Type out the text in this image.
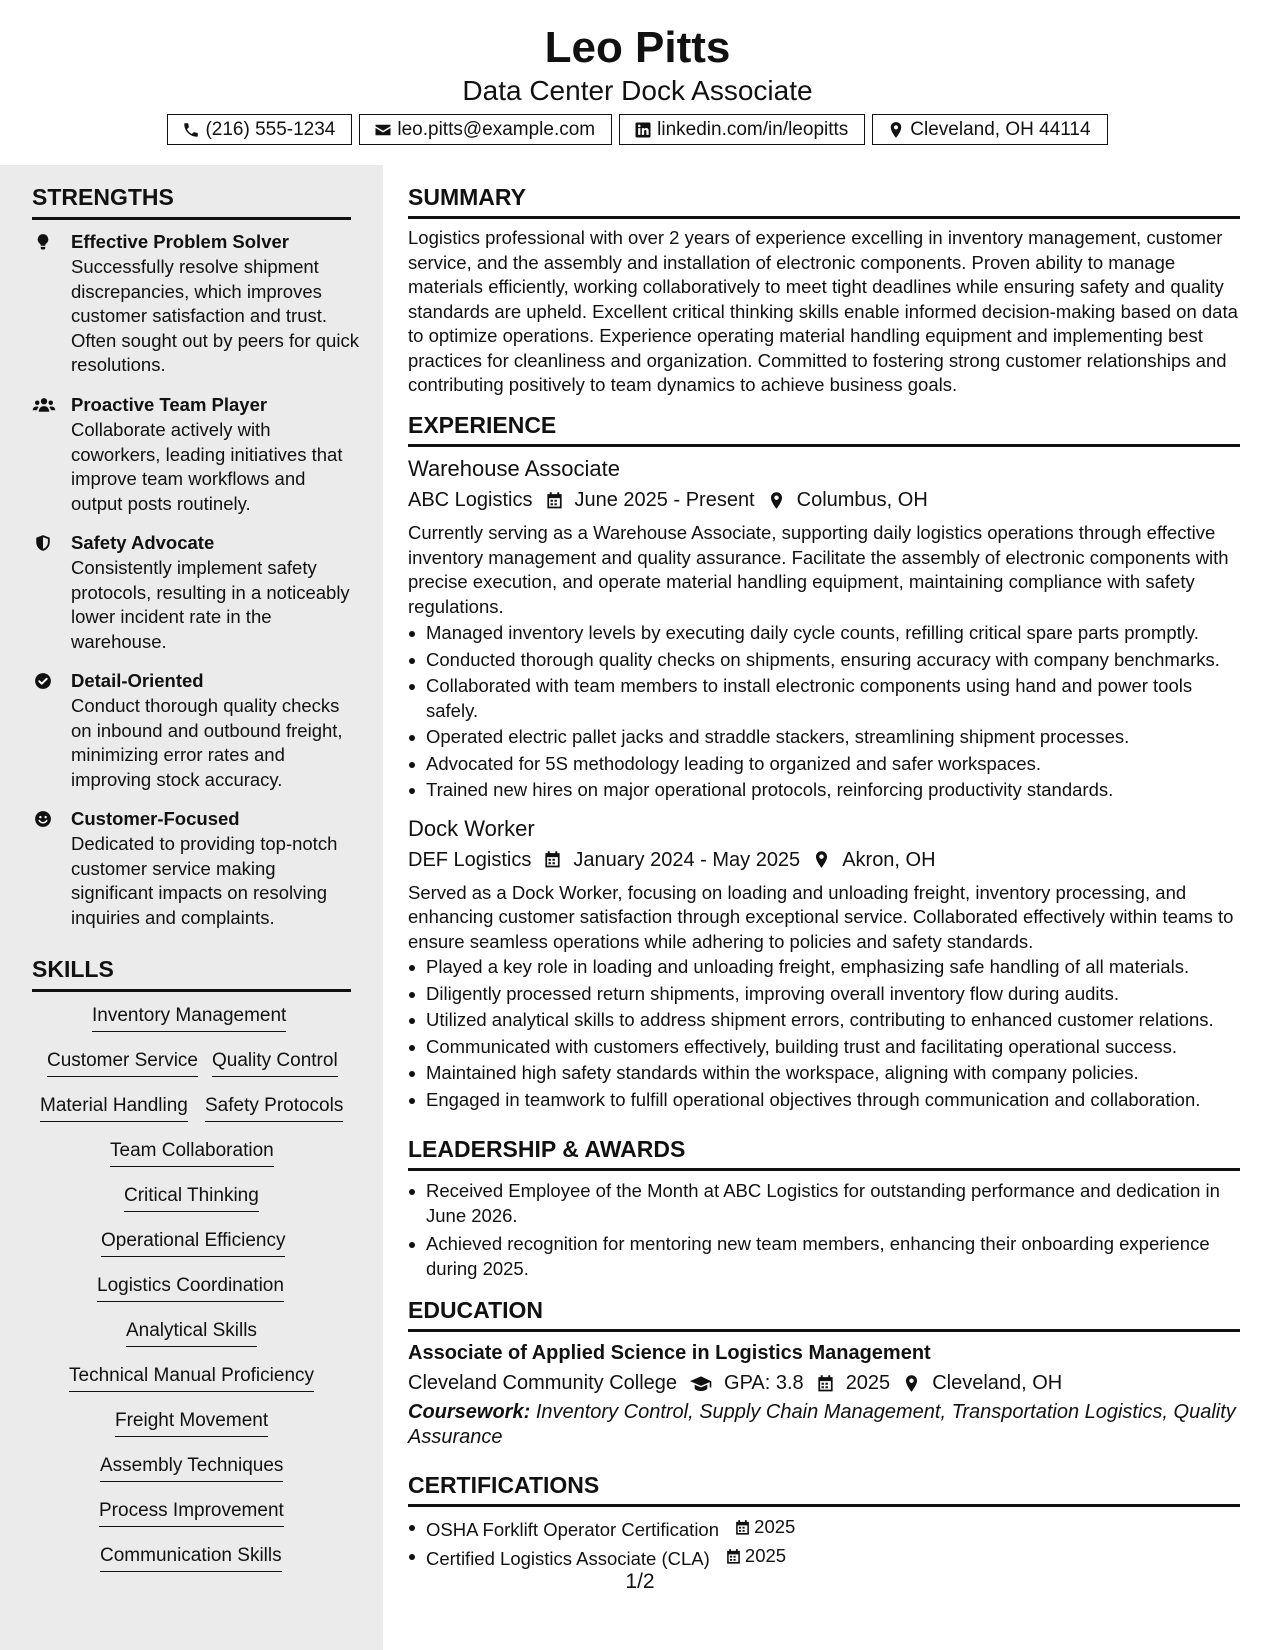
Leo Pitts
Data Center Dock Associate
(216) 555-1234	leo.pitts@example.com	linkedin.com/in/leopitts	Cleveland, OH 44114
STRENGTHS
Effective Problem Solver
Successfully resolve shipment discrepancies, which improves customer satisfaction and trust. Often sought out by peers for quick resolutions.
Proactive Team Player
Collaborate actively with coworkers, leading initiatives that improve team workflows and output posts routinely.
Safety Advocate
Consistently implement safety protocols, resulting in a noticeably lower incident rate in the warehouse.
Detail-Oriented
Conduct thorough quality checks on inbound and outbound freight, minimizing error rates and improving stock accuracy.
Customer-Focused
Dedicated to providing top-notch customer service making significant impacts on resolving inquiries and complaints.
SKILLS
Inventory Management
Customer Service Quality Control
Material Handling Safety Protocols
Team Collaboration
Critical Thinking
Operational Efficiency
Logistics Coordination
Analytical Skills
Technical Manual Proficiency
Freight Movement
Assembly Techniques
Process Improvement
Communication Skills
SUMMARY
Logistics professional with over 2 years of experience excelling in inventory management, customer service, and the assembly and installation of electronic components. Proven ability to manage materials efficiently, working collaboratively to meet tight deadlines while ensuring safety and quality standards are upheld. Excellent critical thinking skills enable informed decision-making based on data to optimize operations. Experience operating material handling equipment and implementing best practices for cleanliness and organization. Committed to fostering strong customer relationships and contributing positively to team dynamics to achieve business goals.
EXPERIENCE
Warehouse Associate
ABC Logistics June 2025 - Present Columbus, OH
Currently serving as a Warehouse Associate, supporting daily logistics operations through effective inventory management and quality assurance. Facilitate the assembly of electronic components with precise execution, and operate material handling equipment, maintaining compliance with safety regulations.
Managed inventory levels by executing daily cycle counts, refilling critical spare parts promptly.
Conducted thorough quality checks on shipments, ensuring accuracy with company benchmarks.
Collaborated with team members to install electronic components using hand and power tools safely.
Operated electric pallet jacks and straddle stackers, streamlining shipment processes.
Advocated for 5S methodology leading to organized and safer workspaces.
Trained new hires on major operational protocols, reinforcing productivity standards.
Dock Worker
DEF Logistics January 2024 - May 2025 Akron, OH
Served as a Dock Worker, focusing on loading and unloading freight, inventory processing, and enhancing customer satisfaction through exceptional service. Collaborated effectively within teams to ensure seamless operations while adhering to policies and safety standards.
Played a key role in loading and unloading freight, emphasizing safe handling of all materials.
Diligently processed return shipments, improving overall inventory flow during audits.
Utilized analytical skills to address shipment errors, contributing to enhanced customer relations.
Communicated with customers effectively, building trust and facilitating operational success.
Maintained high safety standards within the workspace, aligning with company policies.
Engaged in teamwork to fulfill operational objectives through communication and collaboration.
LEADERSHIP & AWARDS
Received Employee of the Month at ABC Logistics for outstanding performance and dedication in June 2026.
Achieved recognition for mentoring new team members, enhancing their onboarding experience during 2025.
EDUCATION
Associate of Applied Science in Logistics Management
Cleveland Community College GPA: 3.8 2025 Cleveland, OH
Coursework: Inventory Control, Supply Chain Management, Transportation Logistics, Quality Assurance
CERTIFICATIONS
OSHA Forklift Operator Certification 2025
Certified Logistics Associate (CLA) 2025
1/2
